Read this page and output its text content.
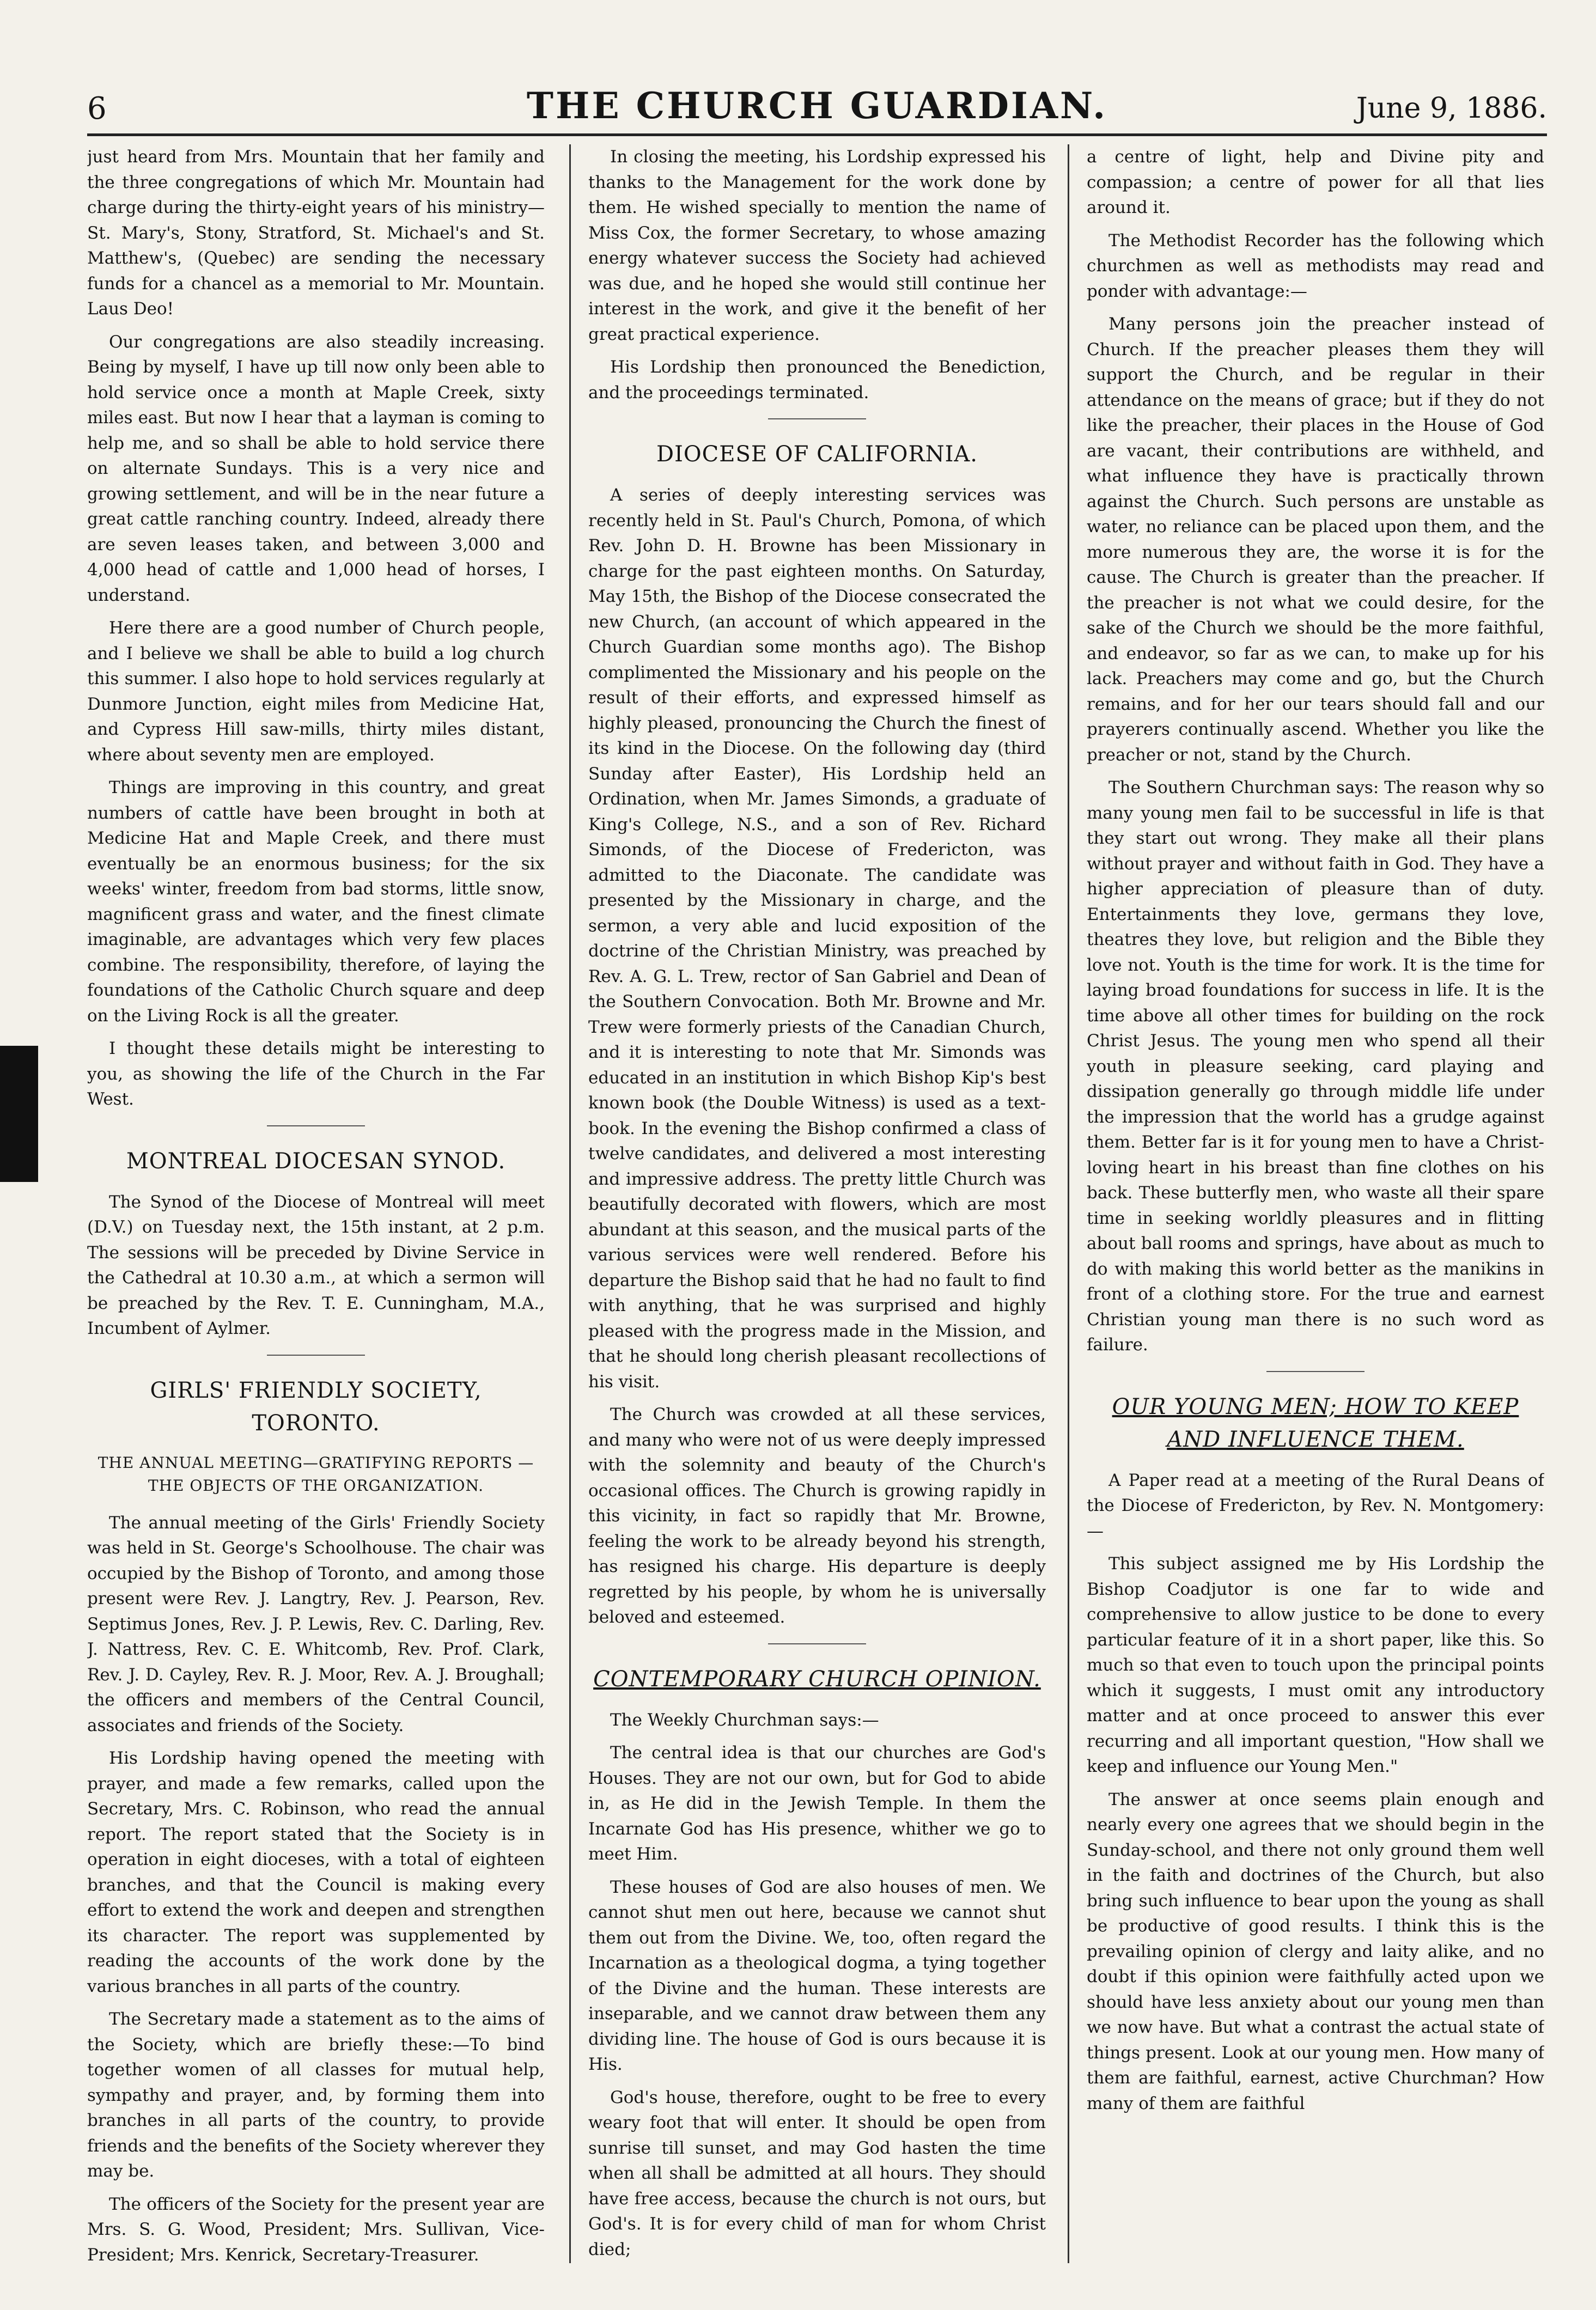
6	THE CHURCH GUARDIAN.	June 9, 1886.

just heard from Mrs. Mountain that her family and the three congregations of which Mr. Mountain had charge during the thirty-eight years of his ministry—St. Mary's, Stony, Stratford, St. Michael's and St. Matthew's, (Quebec) are sending the necessary funds for a chancel as a memorial to Mr. Mountain. Laus Deo!

Our congregations are also steadily increasing. Being by myself, I have up till now only been able to hold service once a month at Maple Creek, sixty miles east. But now I hear that a layman is coming to help me, and so shall be able to hold service there on alternate Sundays. This is a very nice and growing settlement, and will be in the near future a great cattle ranching country. Indeed, already there are seven leases taken, and between 3,000 and 4,000 head of cattle and 1,000 head of horses, I understand.

Here there are a good number of Church people, and I believe we shall be able to build a log church this summer. I also hope to hold services regularly at Dunmore Junction, eight miles from Medicine Hat, and Cypress Hill saw-mills, thirty miles distant, where about seventy men are employed.

Things are improving in this country, and great numbers of cattle have been brought in both at Medicine Hat and Maple Creek, and there must eventually be an enormous business; for the six weeks' winter, freedom from bad storms, little snow, magnificent grass and water, and the finest climate imaginable, are advantages which very few places combine. The responsibility, therefore, of laying the foundations of the Catholic Church square and deep on the Living Rock is all the greater.

I thought these details might be interesting to you, as showing the life of the Church in the Far West.

MONTREAL DIOCESAN SYNOD.

The Synod of the Diocese of Montreal will meet (D.V.) on Tuesday next, the 15th instant, at 2 p.m. The sessions will be preceded by Divine Service in the Cathedral at 10.30 a.m., at which a sermon will be preached by the Rev. T. E. Cunningham, M.A., Incumbent of Aylmer.

GIRLS' FRIENDLY SOCIETY, TORONTO.
THE ANNUAL MEETING—GRATIFYING REPORTS —THE OBJECTS OF THE ORGANIZATION.

The annual meeting of the Girls' Friendly Society was held in St. George's Schoolhouse. The chair was occupied by the Bishop of Toronto, and among those present were Rev. J. Langtry, Rev. J. Pearson, Rev. Septimus Jones, Rev. J. P. Lewis, Rev. C. Darling, Rev. J. Nattress, Rev. C. E. Whitcomb, Rev. Prof. Clark, Rev. J. D. Cayley, Rev. R. J. Moor, Rev. A. J. Broughall; the officers and members of the Central Council, associates and friends of the Society.

His Lordship having opened the meeting with prayer, and made a few remarks, called upon the Secretary, Mrs. C. Robinson, who read the annual report. The report stated that the Society is in operation in eight dioceses, with a total of eighteen branches, and that the Council is making every effort to extend the work and deepen and strengthen its character. The report was supplemented by reading the accounts of the work done by the various branches in all parts of the country.

The Secretary made a statement as to the aims of the Society, which are briefly these:—To bind together women of all classes for mutual help, sympathy and prayer, and, by forming them into branches in all parts of the country, to provide friends and the benefits of the Society wherever they may be.

The officers of the Society for the present year are Mrs. S. G. Wood, President; Mrs. Sullivan, Vice-President; Mrs. Kenrick, Secretary-Treasurer.

In closing the meeting, his Lordship expressed his thanks to the Management for the work done by them. He wished specially to mention the name of Miss Cox, the former Secretary, to whose amazing energy whatever success the Society had achieved was due, and he hoped she would still continue her interest in the work, and give it the benefit of her great practical experience.

His Lordship then pronounced the Benediction, and the proceedings terminated.

DIOCESE OF CALIFORNIA.

A series of deeply interesting services was recently held in St. Paul's Church, Pomona, of which Rev. John D. H. Browne has been Missionary in charge for the past eighteen months. On Saturday, May 15th, the Bishop of the Diocese consecrated the new Church, (an account of which appeared in the Church Guardian some months ago). The Bishop complimented the Missionary and his people on the result of their efforts, and expressed himself as highly pleased, pronouncing the Church the finest of its kind in the Diocese. On the following day (third Sunday after Easter), His Lordship held an Ordination, when Mr. James Simonds, a graduate of King's College, N.S., and a son of Rev. Richard Simonds, of the Diocese of Fredericton, was admitted to the Diaconate. The candidate was presented by the Missionary in charge, and the sermon, a very able and lucid exposition of the doctrine of the Christian Ministry, was preached by Rev. A. G. L. Trew, rector of San Gabriel and Dean of the Southern Convocation. Both Mr. Browne and Mr. Trew were formerly priests of the Canadian Church, and it is interesting to note that Mr. Simonds was educated in an institution in which Bishop Kip's best known book (the Double Witness) is used as a text-book. In the evening the Bishop confirmed a class of twelve candidates, and delivered a most interesting and impressive address. The pretty little Church was beautifully decorated with flowers, which are most abundant at this season, and the musical parts of the various services were well rendered. Before his departure the Bishop said that he had no fault to find with anything, that he was surprised and highly pleased with the progress made in the Mission, and that he should long cherish pleasant recollections of his visit.

The Church was crowded at all these services, and many who were not of us were deeply impressed with the solemnity and beauty of the Church's occasional offices. The Church is growing rapidly in this vicinity, in fact so rapidly that Mr. Browne, feeling the work to be already beyond his strength, has resigned his charge. His departure is deeply regretted by his people, by whom he is universally beloved and esteemed.

CONTEMPORARY CHURCH OPINION.

The Weekly Churchman says:—

The central idea is that our churches are God's Houses. They are not our own, but for God to abide in, as He did in the Jewish Temple. In them the Incarnate God has His presence, whither we go to meet Him.

These houses of God are also houses of men. We cannot shut men out here, because we cannot shut them out from the Divine. We, too, often regard the Incarnation as a theological dogma, a tying together of the Divine and the human. These interests are inseparable, and we cannot draw between them any dividing line. The house of God is ours because it is His.

God's house, therefore, ought to be free to every weary foot that will enter. It should be open from sunrise till sunset, and may God hasten the time when all shall be admitted at all hours. They should have free access, because the church is not ours, but God's. It is for every child of man for whom Christ died;

a centre of light, help and Divine pity and compassion; a centre of power for all that lies around it.

The Methodist Recorder has the following which churchmen as well as methodists may read and ponder with advantage:—

Many persons join the preacher instead of Church. If the preacher pleases them they will support the Church, and be regular in their attendance on the means of grace; but if they do not like the preacher, their places in the House of God are vacant, their contributions are withheld, and what influence they have is practically thrown against the Church. Such persons are unstable as water, no reliance can be placed upon them, and the more numerous they are, the worse it is for the cause. The Church is greater than the preacher. If the preacher is not what we could desire, for the sake of the Church we should be the more faithful, and endeavor, so far as we can, to make up for his lack. Preachers may come and go, but the Church remains, and for her our tears should fall and our prayerers continually ascend. Whether you like the preacher or not, stand by the Church.

The Southern Churchman says: The reason why so many young men fail to be successful in life is that they start out wrong. They make all their plans without prayer and without faith in God. They have a higher appreciation of pleasure than of duty. Entertainments they love, germans they love, theatres they love, but religion and the Bible they love not. Youth is the time for work. It is the time for laying broad foundations for success in life. It is the time above all other times for building on the rock Christ Jesus. The young men who spend all their youth in pleasure seeking, card playing and dissipation generally go through middle life under the impression that the world has a grudge against them. Better far is it for young men to have a Christ-loving heart in his breast than fine clothes on his back. These butterfly men, who waste all their spare time in seeking worldly pleasures and in flitting about ball rooms and springs, have about as much to do with making this world better as the manikins in front of a clothing store. For the true and earnest Christian young man there is no such word as failure.

OUR YOUNG MEN; HOW TO KEEP AND INFLUENCE THEM.

A Paper read at a meeting of the Rural Deans of the Diocese of Fredericton, by Rev. N. Montgomery:—

This subject assigned me by His Lordship the Bishop Coadjutor is one far to wide and comprehensive to allow justice to be done to every particular feature of it in a short paper, like this. So much so that even to touch upon the principal points which it suggests, I must omit any introductory matter and at once proceed to answer this ever recurring and all important question, "How shall we keep and influence our Young Men."

The answer at once seems plain enough and nearly every one agrees that we should begin in the Sunday-school, and there not only ground them well in the faith and doctrines of the Church, but also bring such influence to bear upon the young as shall be productive of good results. I think this is the prevailing opinion of clergy and laity alike, and no doubt if this opinion were faithfully acted upon we should have less anxiety about our young men than we now have. But what a contrast the actual state of things present. Look at our young men. How many of them are faithful, earnest, active Churchman? How many of them are faithful
